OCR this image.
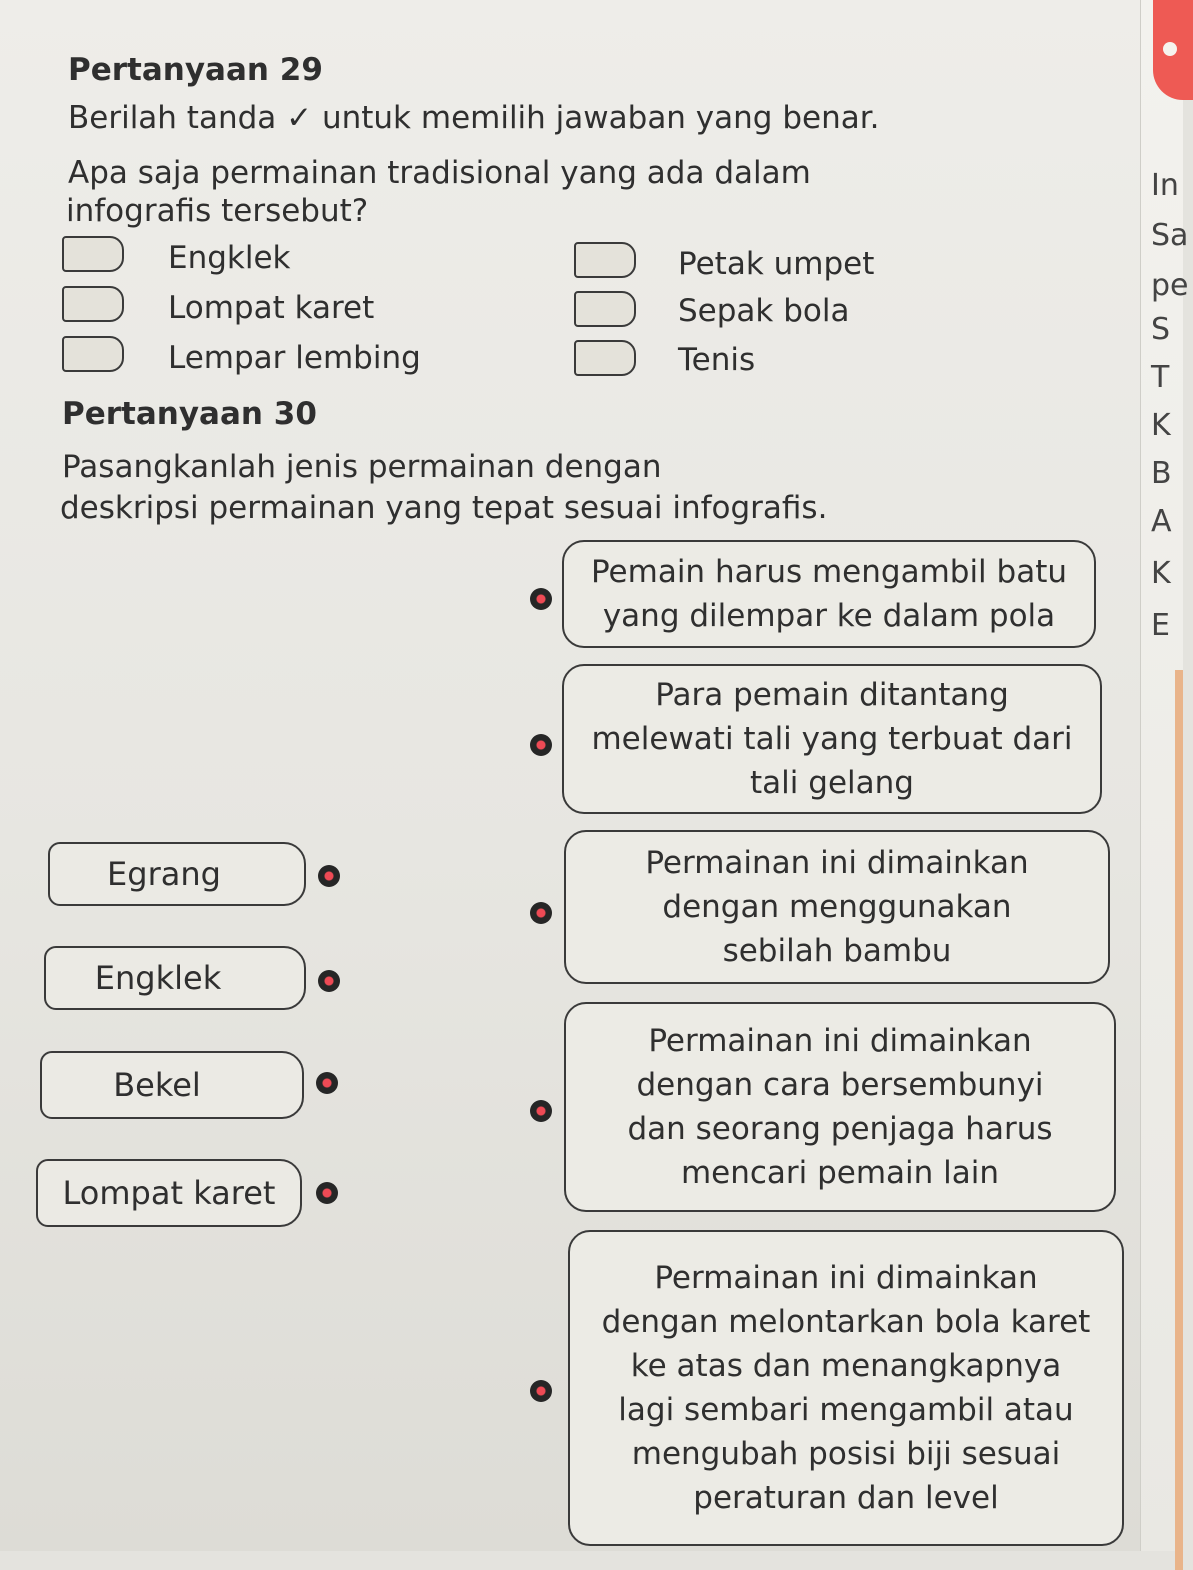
Pertanyaan 29
Berilah tanda ✓ untuk memilih jawaban yang benar.
Apa saja permainan tradisional yang ada dalam
infografis tersebut?
Engklek	Petak umpet
Lompat karet	Sepak bola
Lempar lembing	Tenis
Pertanyaan 30
Pasangkanlah jenis permainan dengan
deskripsi permainan yang tepat sesuai infografis.
Egrang
Engklek
Bekel
Lompat karet
Pemain harus mengambil batu
yang dilempar ke dalam pola
Para pemain ditantang
melewati tali yang terbuat dari
tali gelang
Permainan ini dimainkan
dengan menggunakan
sebilah bambu
Permainan ini dimainkan
dengan cara bersembunyi
dan seorang penjaga harus
mencari pemain lain
Permainan ini dimainkan
dengan melontarkan bola karet
ke atas dan menangkapnya
lagi sembari mengambil atau
mengubah posisi biji sesuai
peraturan dan level
In
Sa
pe
S
T
K
B
A
K
E
